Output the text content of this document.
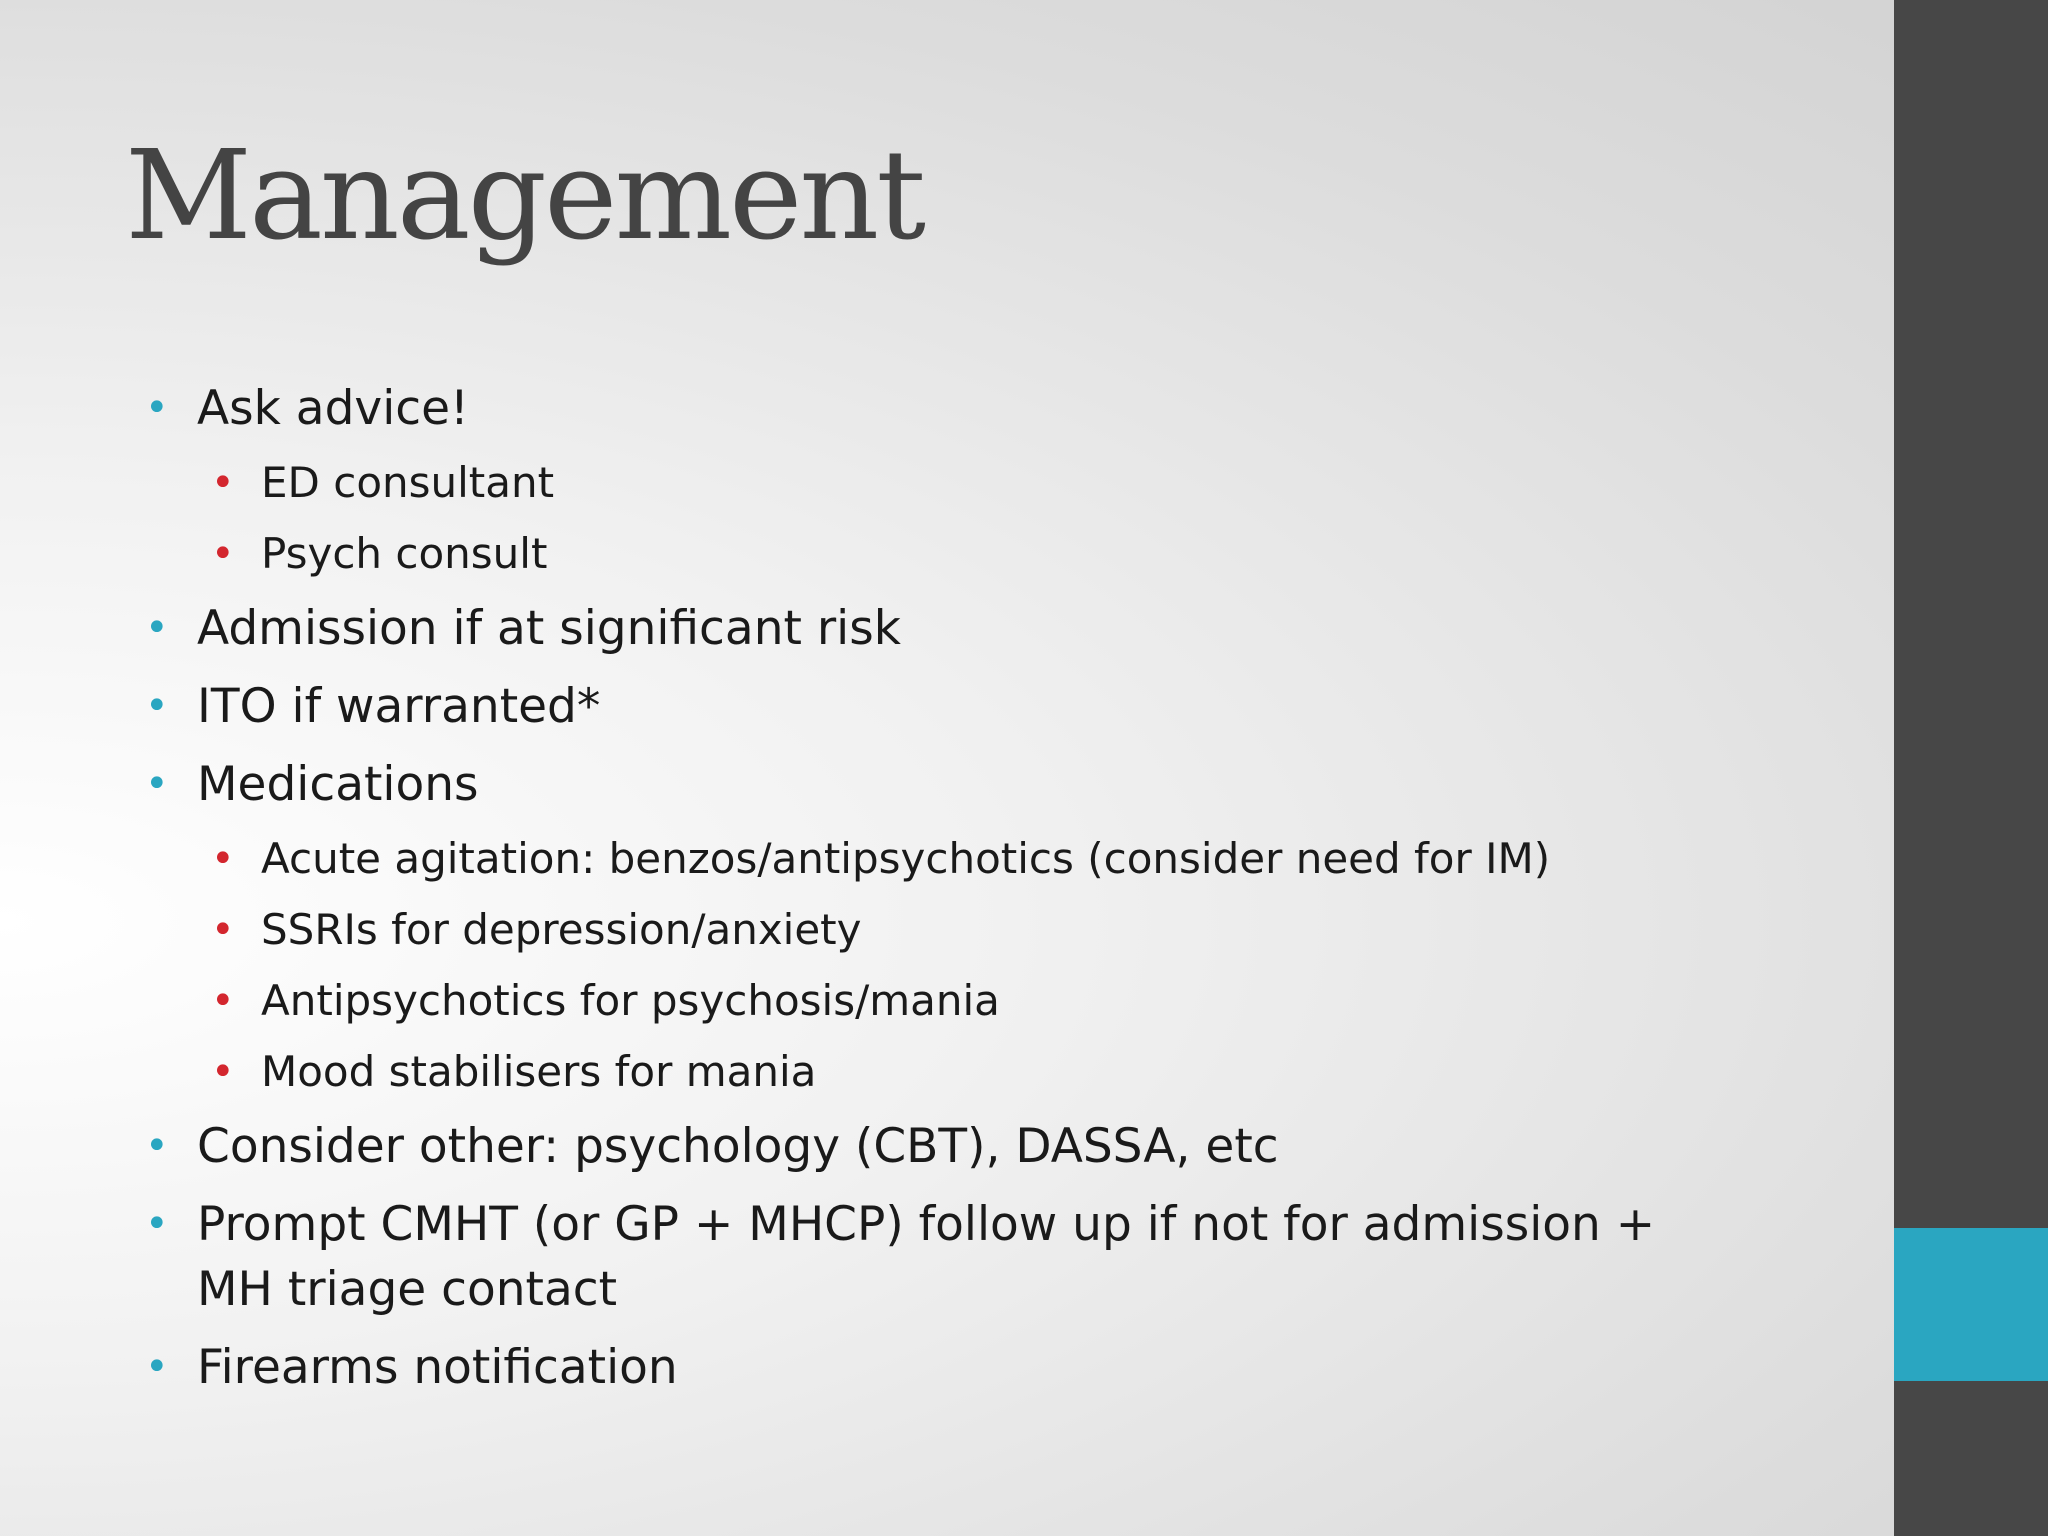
Management
• Ask advice!
• ED consultant
• Psych consult
• Admission if at significant risk
• ITO if warranted*
• Medications
• Acute agitation: benzos/antipsychotics (consider need for IM)
• SSRIs for depression/anxiety
• Antipsychotics for psychosis/mania
• Mood stabilisers for mania
• Consider other: psychology (CBT), DASSA, etc
• Prompt CMHT (or GP + MHCP) follow up if not for admission + MH triage contact
• Firearms notification
